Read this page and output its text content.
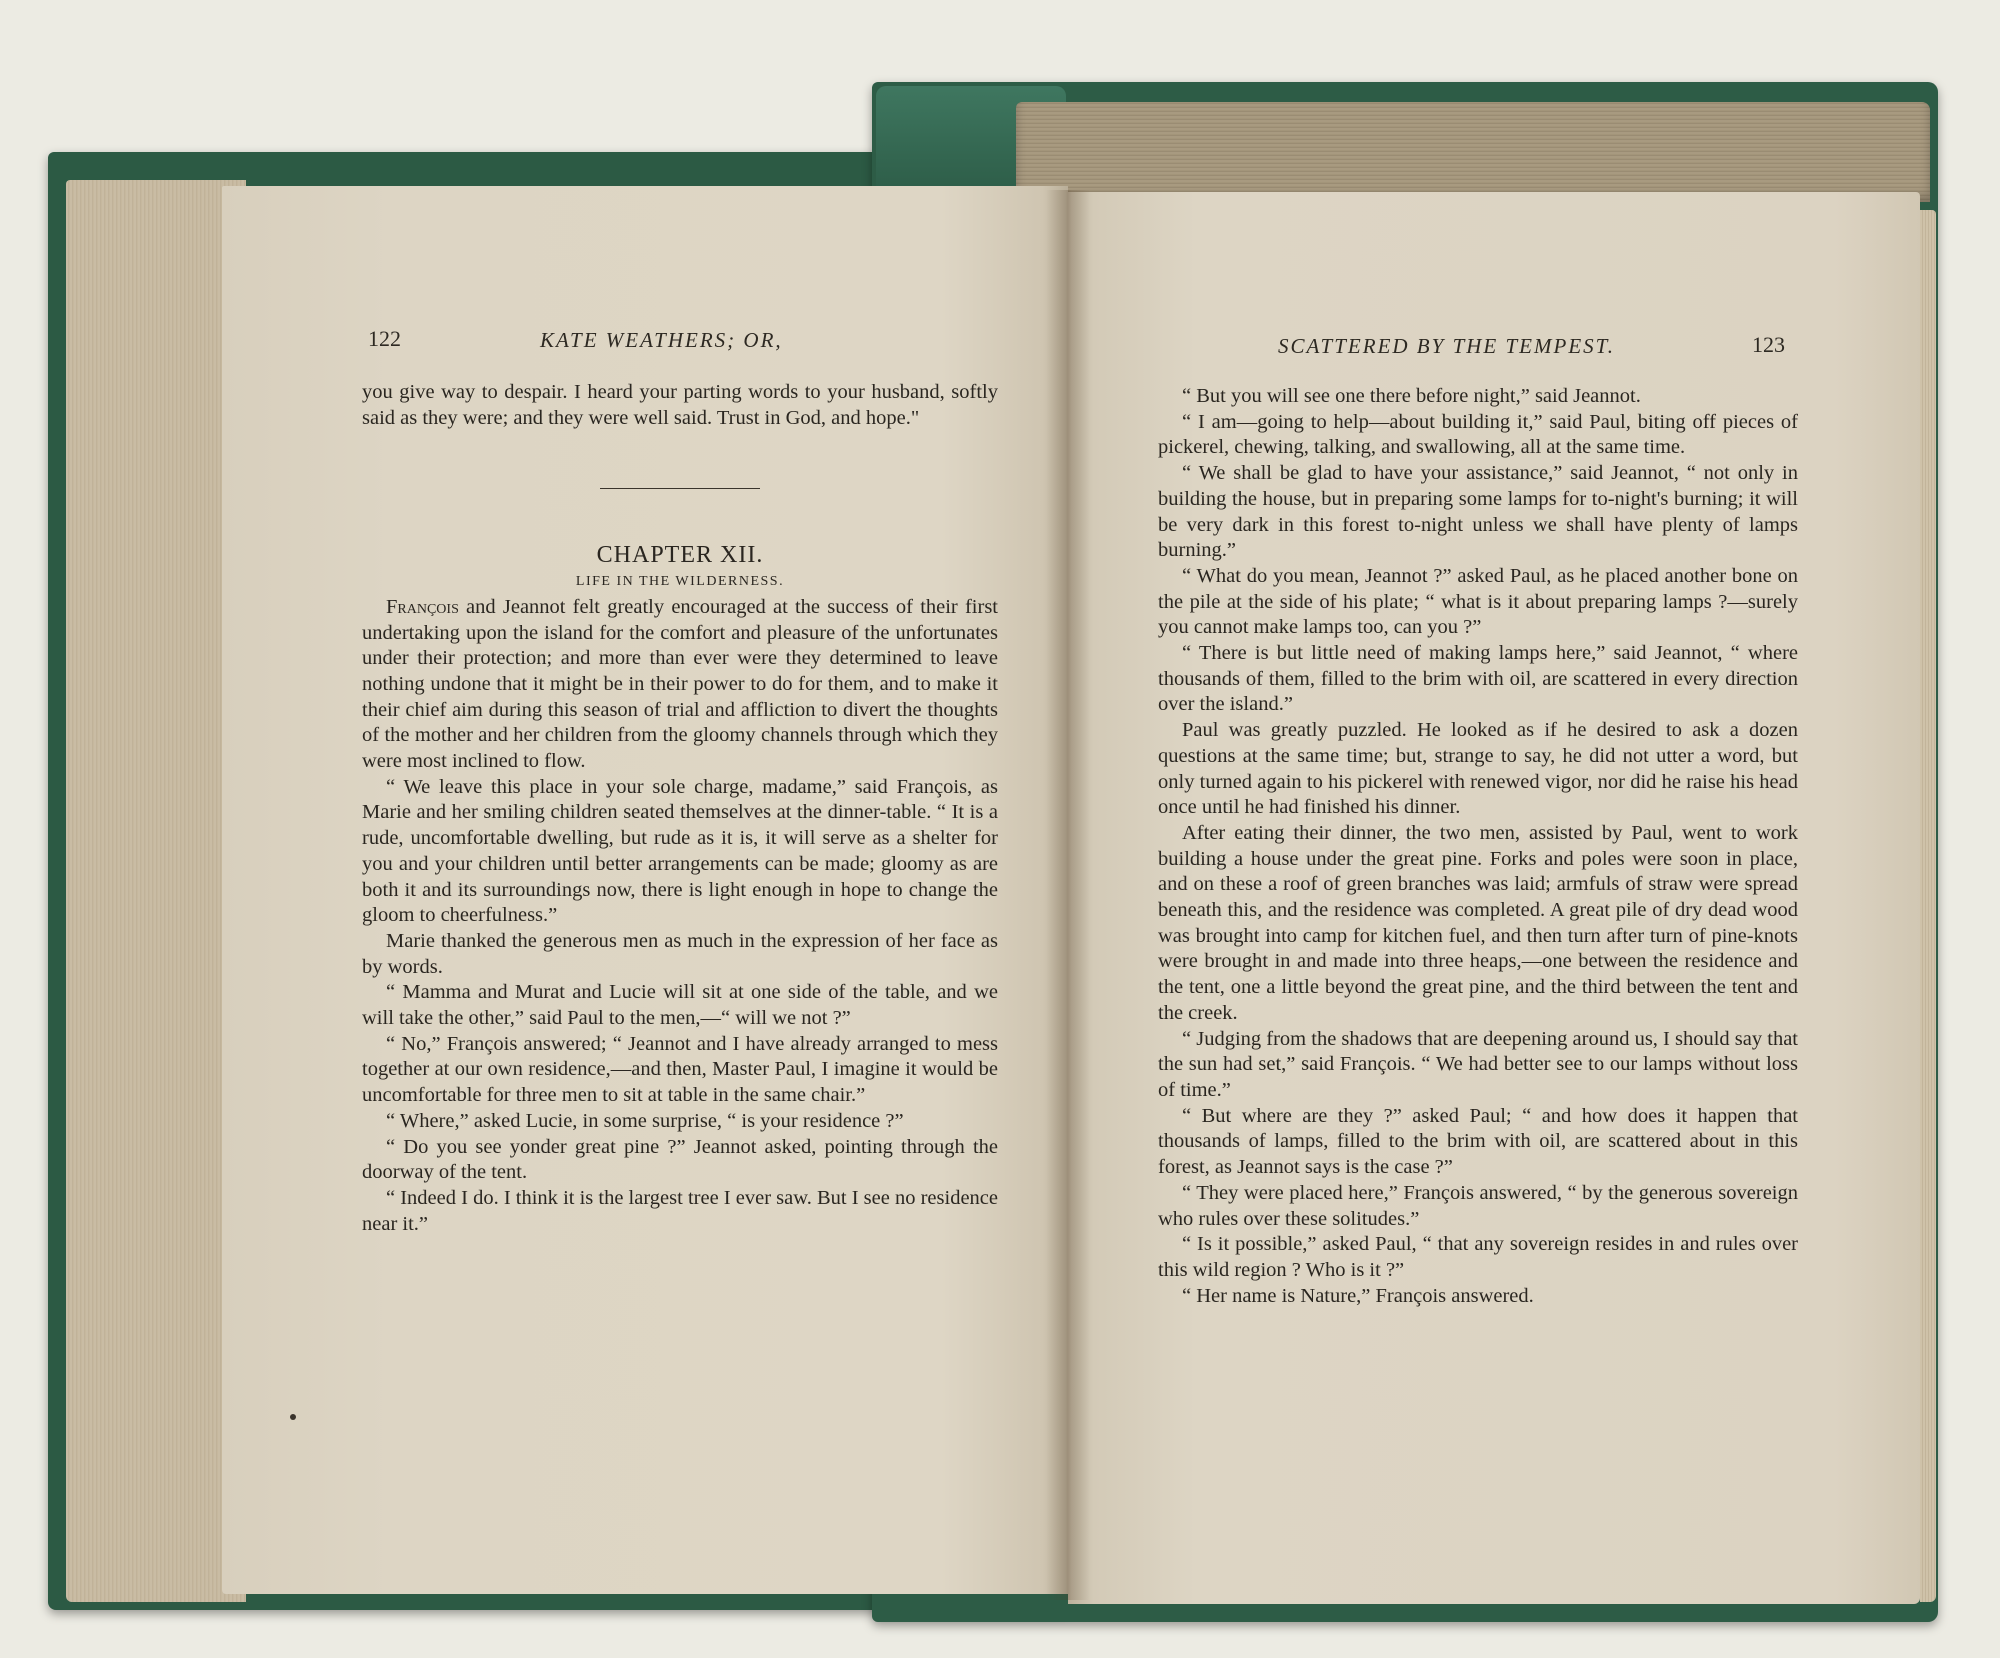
122	KATE WEATHERS; OR,	SCATTERED BY THE TEMPEST.	123

you give way to despair. I heard your parting words to your husband, softly said as they were; and they were well said. Trust in God, and hope."

CHAPTER XII.

LIFE IN THE WILDERNESS.

François and Jeannot felt greatly encouraged at the success of their first undertaking upon the island for the comfort and pleasure of the unfortunates under their protection; and more than ever were they determined to leave nothing undone that it might be in their power to do for them, and to make it their chief aim during this season of trial and affliction to divert the thoughts of the mother and her children from the gloomy channels through which they were most inclined to flow.

“ We leave this place in your sole charge, madame,” said François, as Marie and her smiling children seated themselves at the dinner-table. “ It is a rude, uncomfortable dwelling, but rude as it is, it will serve as a shelter for you and your children until better arrangements can be made; gloomy as are both it and its surroundings now, there is light enough in hope to change the gloom to cheerfulness.”

Marie thanked the generous men as much in the expression of her face as by words.

“ Mamma and Murat and Lucie will sit at one side of the table, and we will take the other,” said Paul to the men,—“ will we not ?”

“ No,” François answered; “ Jeannot and I have already arranged to mess together at our own residence,—and then, Master Paul, I imagine it would be uncomfortable for three men to sit at table in the same chair.”

“ Where,” asked Lucie, in some surprise, “ is your residence ?”

“ Do you see yonder great pine ?” Jeannot asked, pointing through the doorway of the tent.

“ Indeed I do. I think it is the largest tree I ever saw. But I see no residence near it.”

“ But you will see one there before night,” said Jeannot.

“ I am—going to help—about building it,” said Paul, biting off pieces of pickerel, chewing, talking, and swallowing, all at the same time.

“ We shall be glad to have your assistance,” said Jeannot, “ not only in building the house, but in preparing some lamps for to-night's burning; it will be very dark in this forest to-night unless we shall have plenty of lamps burning.”

“ What do you mean, Jeannot ?” asked Paul, as he placed another bone on the pile at the side of his plate; “ what is it about preparing lamps ?—surely you cannot make lamps too, can you ?”

“ There is but little need of making lamps here,” said Jeannot, “ where thousands of them, filled to the brim with oil, are scattered in every direction over the island.”

Paul was greatly puzzled. He looked as if he desired to ask a dozen questions at the same time; but, strange to say, he did not utter a word, but only turned again to his pickerel with renewed vigor, nor did he raise his head once until he had finished his dinner.

After eating their dinner, the two men, assisted by Paul, went to work building a house under the great pine. Forks and poles were soon in place, and on these a roof of green branches was laid; armfuls of straw were spread beneath this, and the residence was completed. A great pile of dry dead wood was brought into camp for kitchen fuel, and then turn after turn of pine-knots were brought in and made into three heaps,—one between the residence and the tent, one a little beyond the great pine, and the third between the tent and the creek.

“ Judging from the shadows that are deepening around us, I should say that the sun had set,” said François. “ We had better see to our lamps without loss of time.”

“ But where are they ?” asked Paul; “ and how does it happen that thousands of lamps, filled to the brim with oil, are scattered about in this forest, as Jeannot says is the case ?”

“ They were placed here,” François answered, “ by the generous sovereign who rules over these solitudes.”

“ Is it possible,” asked Paul, “ that any sovereign resides in and rules over this wild region ? Who is it ?”

“ Her name is Nature,” François answered.
